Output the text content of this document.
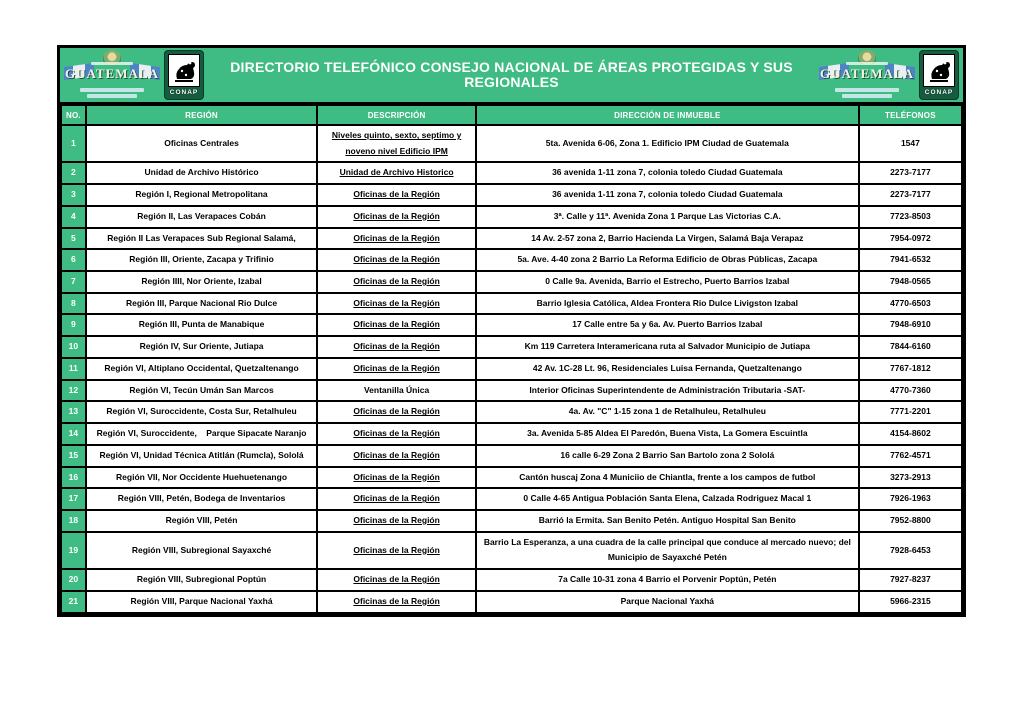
GUATEMALA
CONAP
DIRECTORIO TELEFÓNICO CONSEJO NACIONAL DE ÁREAS PROTEGIDAS Y SUS REGIONALES
GUATEMALA
CONAP
NO.	REGIÓN	DESCRIPCIÓN	DIRECCIÓN DE INMUEBLE	TELÉFONOS
1	Oficinas Centrales	Niveles quinto, sexto, septimo y noveno nivel Edificio IPM	5ta. Avenida 6-06, Zona 1. Edificio IPM Ciudad de Guatemala	1547
2	Unidad de Archivo Histórico	Unidad de Archivo Historico	36 avenida 1-11 zona 7, colonia toledo Ciudad Guatemala	2273-7177
3	Región I, Regional Metropolitana	Oficinas de la Región	36 avenida 1-11 zona 7, colonia toledo Ciudad Guatemala	2273-7177
4	Región II, Las Verapaces Cobán	Oficinas de la Región	3ª. Calle y 11ª. Avenida Zona 1 Parque Las Victorias C.A.	7723-8503
5	Región II Las Verapaces Sub Regional Salamá,	Oficinas de la Región	14 Av. 2-57 zona 2, Barrio Hacienda La Virgen, Salamá Baja Verapaz	7954-0972
6	Región III, Oriente, Zacapa y Trifinio	Oficinas de la Región	5a. Ave. 4-40 zona 2 Barrio La Reforma Edificio de Obras Públicas, Zacapa	7941-6532
7	Región IIII, Nor Oriente, Izabal	Oficinas de la Región	0 Calle 9a. Avenida, Barrio el Estrecho, Puerto Barrios Izabal	7948-0565
8	Región III, Parque Nacional Rio Dulce	Oficinas de la Región	Barrio Iglesia Católica, Aldea Frontera Rio Dulce Livigston Izabal	4770-6503
9	Región III, Punta de Manabique	Oficinas de la Región	17 Calle entre 5a y 6a. Av. Puerto Barrios Izabal	7948-6910
10	Región IV, Sur Oriente, Jutiapa	Oficinas de la Región	Km 119 Carretera Interamericana ruta al Salvador Municipio de Jutiapa	7844-6160
11	Región VI, Altiplano Occidental, Quetzaltenango	Oficinas de la Región	42 Av. 1C-28 Lt. 96, Residenciales Luisa Fernanda, Quetzaltenango	7767-1812
12	Región VI, Tecún Umán San Marcos	Ventanilla Única	Interior Oficinas Superintendente de Administración Tributaria -SAT-	4770-7360
13	Región VI, Suroccidente, Costa Sur, Retalhuleu	Oficinas de la Región	4a. Av. "C" 1-15 zona 1 de Retalhuleu, Retalhuleu	7771-2201
14	Región VI, Suroccidente,    Parque Sipacate Naranjo	Oficinas de la Región	3a. Avenida 5-85 Aldea El Paredón, Buena Vista, La Gomera Escuintla	4154-8602
15	Región VI, Unidad Técnica Atitlán (Rumcla), Sololá	Oficinas de la Región	16 calle 6-29 Zona 2 Barrio San Bartolo zona 2 Sololá	7762-4571
16	Región VII, Nor Occidente Huehuetenango	Oficinas de la Región	Cantón huscaj Zona 4 Municiio de Chiantla, frente a los campos de futbol	3273-2913
17	Región VIII, Petén, Bodega de Inventarios	Oficinas de la Región	0 Calle 4-65 Antigua Población Santa Elena, Calzada Rodriguez Macal 1	7926-1963
18	Región VIII, Petén	Oficinas de la Región	Barrió la Ermita. San Benito Petén. Antiguo Hospital San Benito	7952-8800
19	Región VIII, Subregional Sayaxché	Oficinas de la Región	Barrio La Esperanza, a una cuadra de la calle principal que conduce al mercado nuevo; del Municipio de Sayaxché Petén	7928-6453
20	Región VIII, Subregional Poptún	Oficinas de la Región	7a Calle 10-31 zona 4 Barrio el Porvenir Poptún, Petén	7927-8237
21	Región VIII, Parque Nacional Yaxhá	Oficinas de la Región	Parque Nacional Yaxhá	5966-2315
